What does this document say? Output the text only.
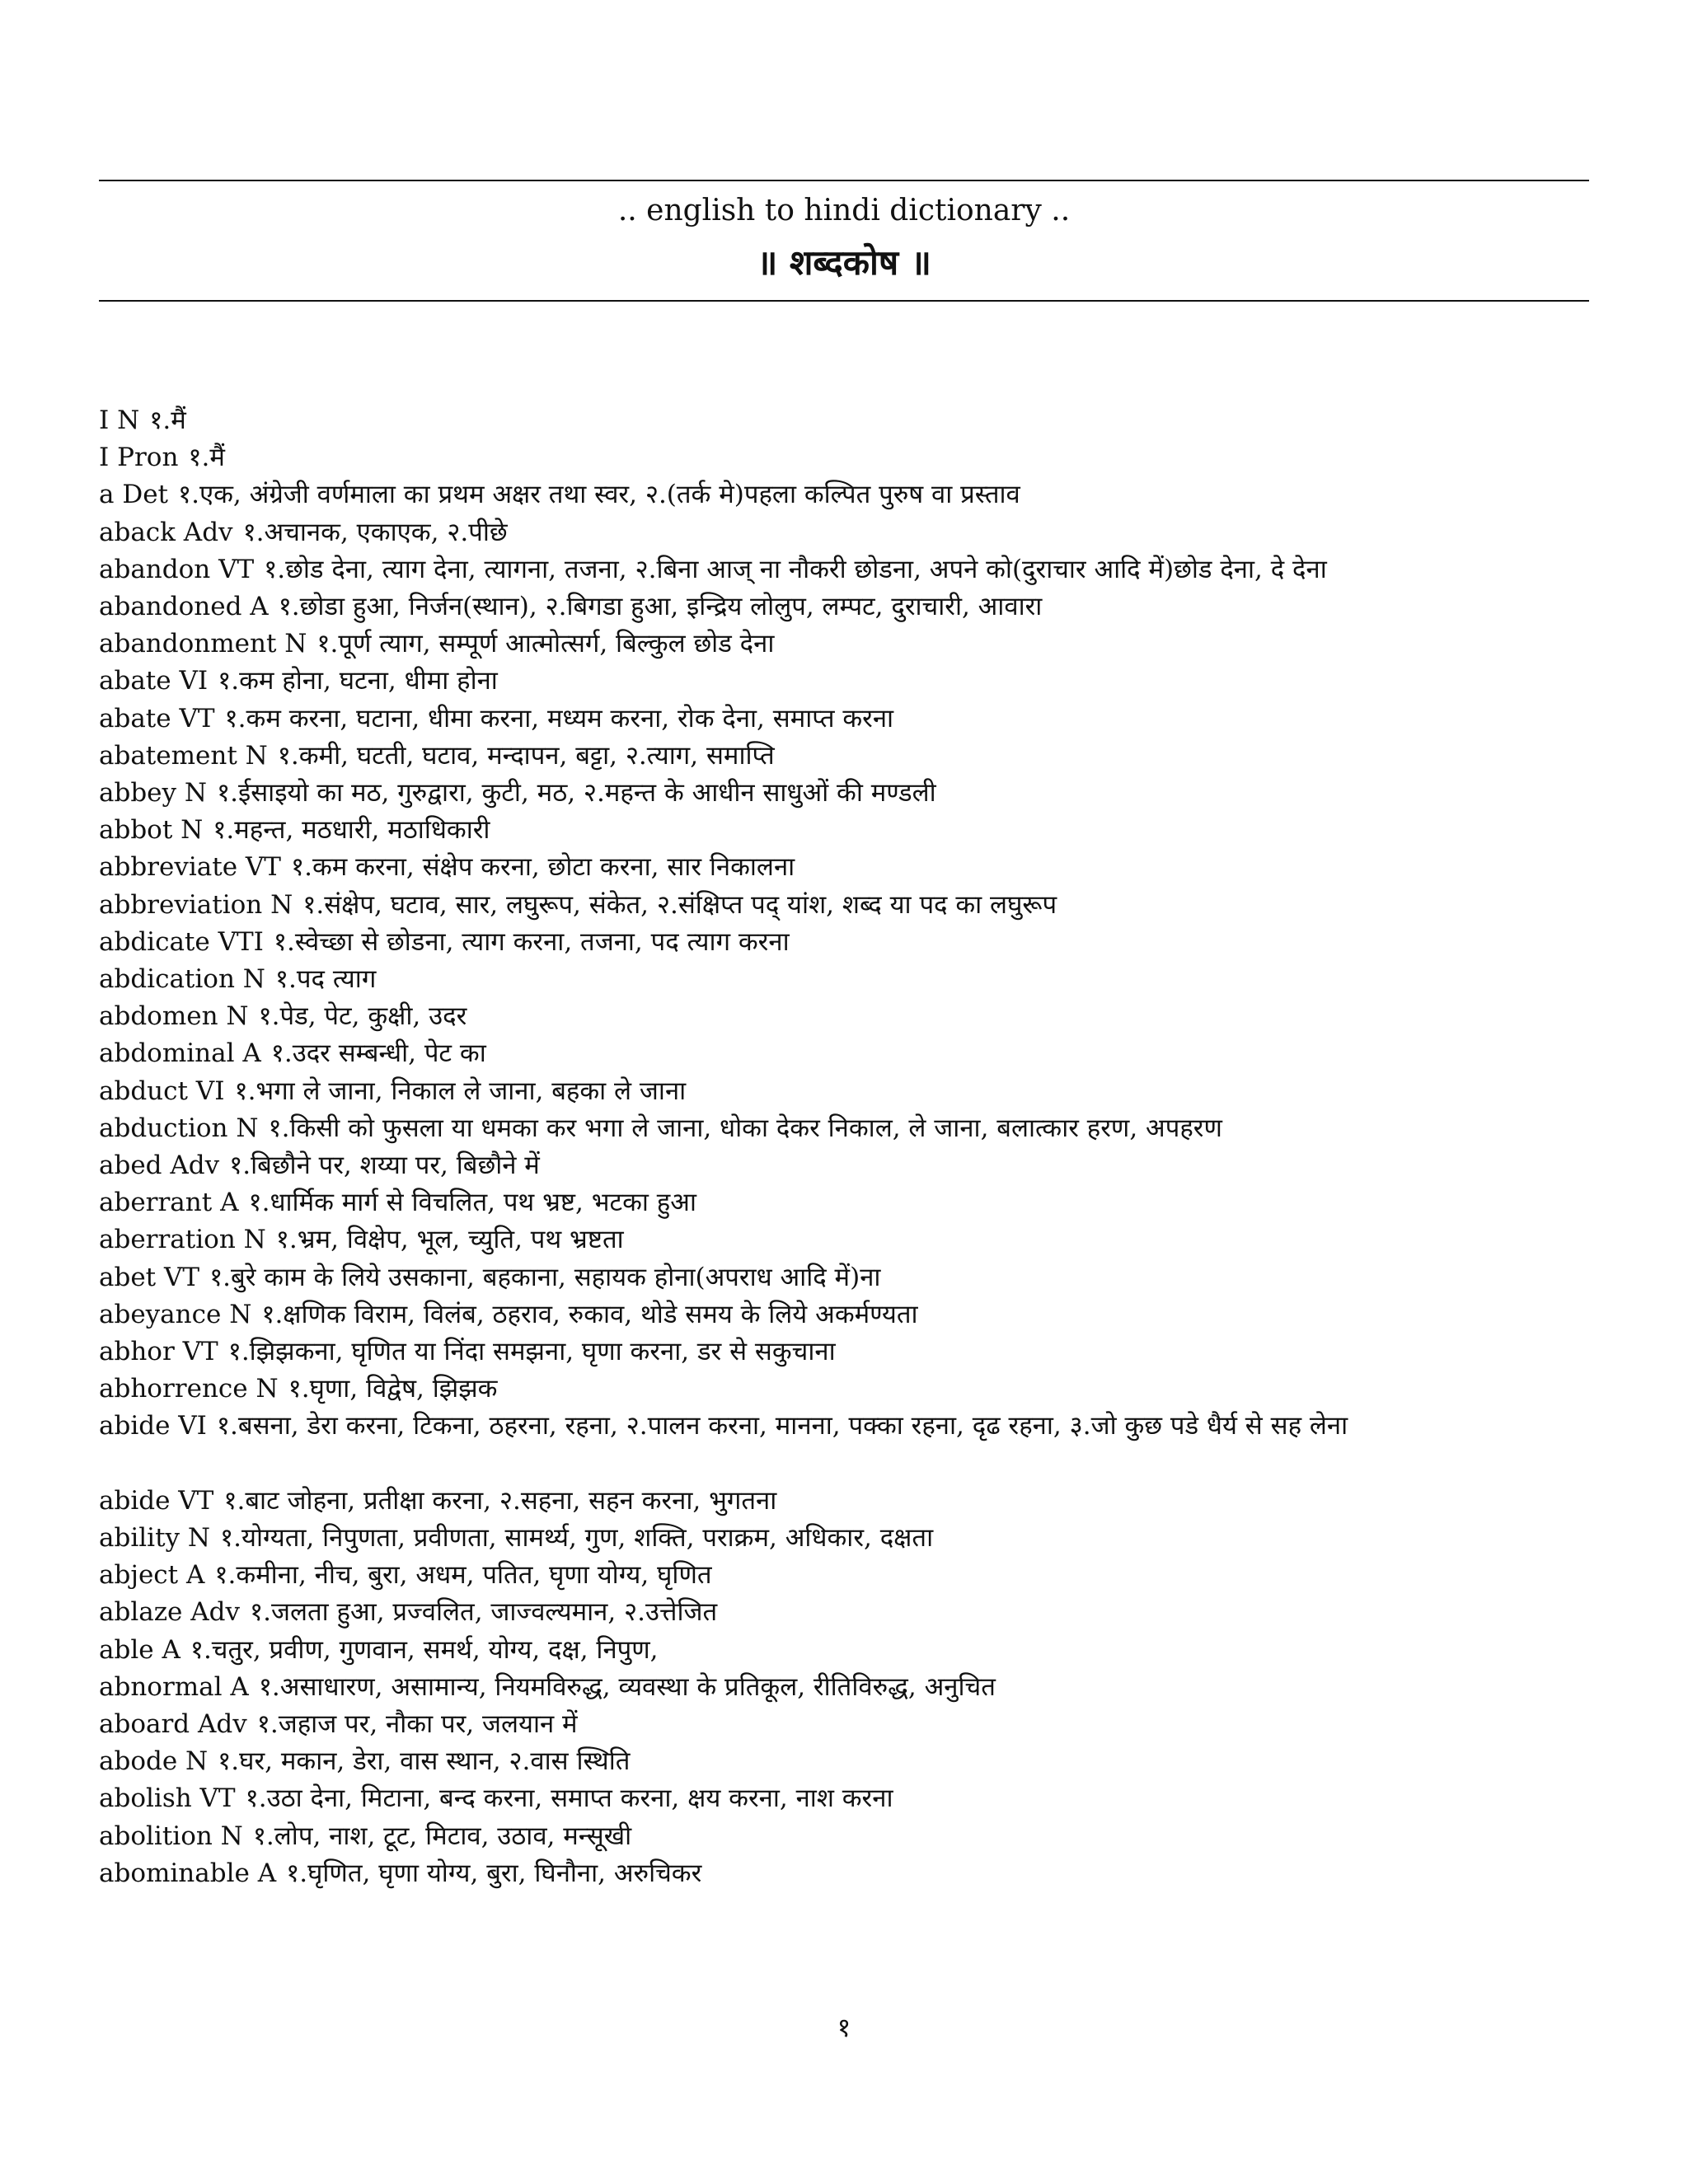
.. english to hindi dictionary ..
॥ शब्दकोष ॥

I N १.मैं

I Pron १.मैं

a Det १.एक, अंग्रेजी वर्णमाला का प्रथम अक्षर तथा स्वर, २.(तर्क मे)पहला कल्पित पुरुष वा प्रस्ताव

aback Adv १.अचानक, एकाएक, २.पीछे

abandon VT १.छोड देना, त्याग देना, त्यागना, तजना, २.बिना आज् ना नौकरी छोडना, अपने को(दुराचार आदि में)छोड देना, दे देना

abandoned A १.छोडा हुआ, निर्जन(स्थान), २.बिगडा हुआ, इन्द्रिय लोलुप, लम्पट, दुराचारी, आवारा

abandonment N १.पूर्ण त्याग, सम्पूर्ण आत्मोत्सर्ग, बिल्कुल छोड देना

abate VI १.कम होना, घटना, धीमा होना

abate VT १.कम करना, घटाना, धीमा करना, मध्यम करना, रोक देना, समाप्त करना

abatement N १.कमी, घटती, घटाव, मन्दापन, बट्टा, २.त्याग, समाप्ति

abbey N १.ईसाइयो का मठ, गुरुद्वारा, कुटी, मठ, २.महन्त के आधीन साधुओं की मण्डली

abbot N १.महन्त, मठधारी, मठाधिकारी

abbreviate VT १.कम करना, संक्षेप करना, छोटा करना, सार निकालना

abbreviation N १.संक्षेप, घटाव, सार, लघुरूप, संकेत, २.संक्षिप्त पद् यांश, शब्द या पद का लघुरूप

abdicate VTI १.स्वेच्छा से छोडना, त्याग करना, तजना, पद त्याग करना

abdication N १.पद त्याग

abdomen N १.पेड, पेट, कुक्षी, उदर

abdominal A १.उदर सम्बन्धी, पेट का

abduct VI १.भगा ले जाना, निकाल ले जाना, बहका ले जाना

abduction N १.किसी को फुसला या धमका कर भगा ले जाना, धोका देकर निकाल, ले जाना, बलात्कार हरण, अपहरण

abed Adv १.बिछौने पर, शय्या पर, बिछौने में

aberrant A १.धार्मिक मार्ग से विचलित, पथ भ्रष्ट, भटका हुआ

aberration N १.भ्रम, विक्षेप, भूल, च्युति, पथ भ्रष्टता

abet VT १.बुरे काम के लिये उसकाना, बहकाना, सहायक होना(अपराध आदि में)ना

abeyance N १.क्षणिक विराम, विलंब, ठहराव, रुकाव, थोडे समय के लिये अकर्मण्यता

abhor VT १.झिझकना, घृणित या निंदा समझना, घृणा करना, डर से सकुचाना

abhorrence N १.घृणा, विद्वेष, झिझक

abide VI १.बसना, डेरा करना, टिकना, ठहरना, रहना, २.पालन करना, मानना, पक्का रहना, दृढ रहना, ३.जो कुछ पडे धैर्य से सह लेना

abide VT १.बाट जोहना, प्रतीक्षा करना, २.सहना, सहन करना, भुगतना

ability N १.योग्यता, निपुणता, प्रवीणता, सामर्थ्य, गुण, शक्ति, पराक्रम, अधिकार, दक्षता

abject A १.कमीना, नीच, बुरा, अधम, पतित, घृणा योग्य, घृणित

ablaze Adv १.जलता हुआ, प्रज्वलित, जाज्वल्यमान, २.उत्तेजित

able A १.चतुर, प्रवीण, गुणवान, समर्थ, योग्य, दक्ष, निपुण,

abnormal A १.असाधारण, असामान्य, नियमविरुद्ध, व्यवस्था के प्रतिकूल, रीतिविरुद्ध, अनुचित

aboard Adv १.जहाज पर, नौका पर, जलयान में

abode N १.घर, मकान, डेरा, वास स्थान, २.वास स्थिति

abolish VT १.उठा देना, मिटाना, बन्द करना, समाप्त करना, क्षय करना, नाश करना

abolition N १.लोप, नाश, टूट, मिटाव, उठाव, मन्सूखी

abominable A १.घृणित, घृणा योग्य, बुरा, घिनौना, अरुचिकर

१
